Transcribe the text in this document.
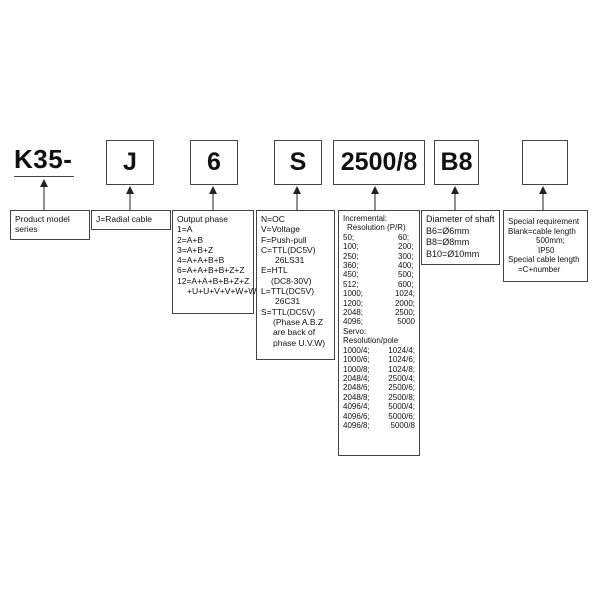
K35-	J	6	S	2500/8 B8
Product model
series
J=Radial cable	Output phase
1=A
2=A+B
3=A+B+Z
4=A+A+B+B
6=A+A+B+B+Z+Z
12=A+A+B+B+Z+Z
+U+U+V+V+W+W
N=OC
V=Voltage
F=Push-pull
C=TTL(DC5V)
26LS31
E=HTL
(DC8-30V)
L=TTL(DC5V)
26C31
S=TTL(DC5V)
(Phase A.B.Z
are back of
phase U.V.W)
Incremental:
Resolution (P/R)
50;	60;
100;	200;
250;	300;
360;	400;
450;	500;
512;	600;
1000;	1024;
1200;	2000;
2048;	2500;
4096;	5000
Servo:
Resolution/pole
1000/4;	1024/4;
1000/6;	1024/6;
1000/8;	1024/8;
2048/4;	2500/4;
2048/6;	2500/6;
2048/8;	2500/8;
4096/4;	5000/4;
4096/6;	5000/6;
4096/8;	5000/8
Diameter of shaft
B6=Ø6mm
B8=Ø8mm
B10=Ø10mm
Special requirement
Blank=cable length
500mm;
IP50
Special cable length
=C+number
